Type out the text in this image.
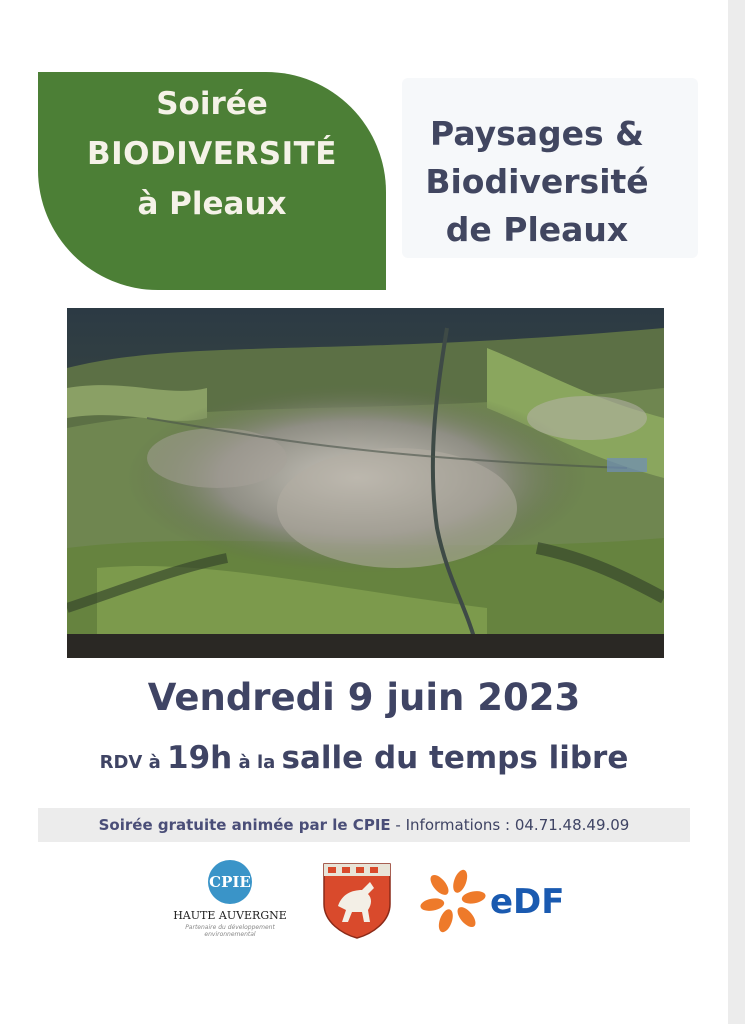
Soirée
BIODIVERSITÉ
à Pleaux
Paysages &
Biodiversité
de Pleaux
Vendredi 9 juin 2023
RDV à 19h à la salle du temps libre
Soirée gratuite animée par le CPIE - Informations : 04.71.48.49.09
CPIE
HAUTE AUVERGNE
Partenaire du développement environnemental
eDF
